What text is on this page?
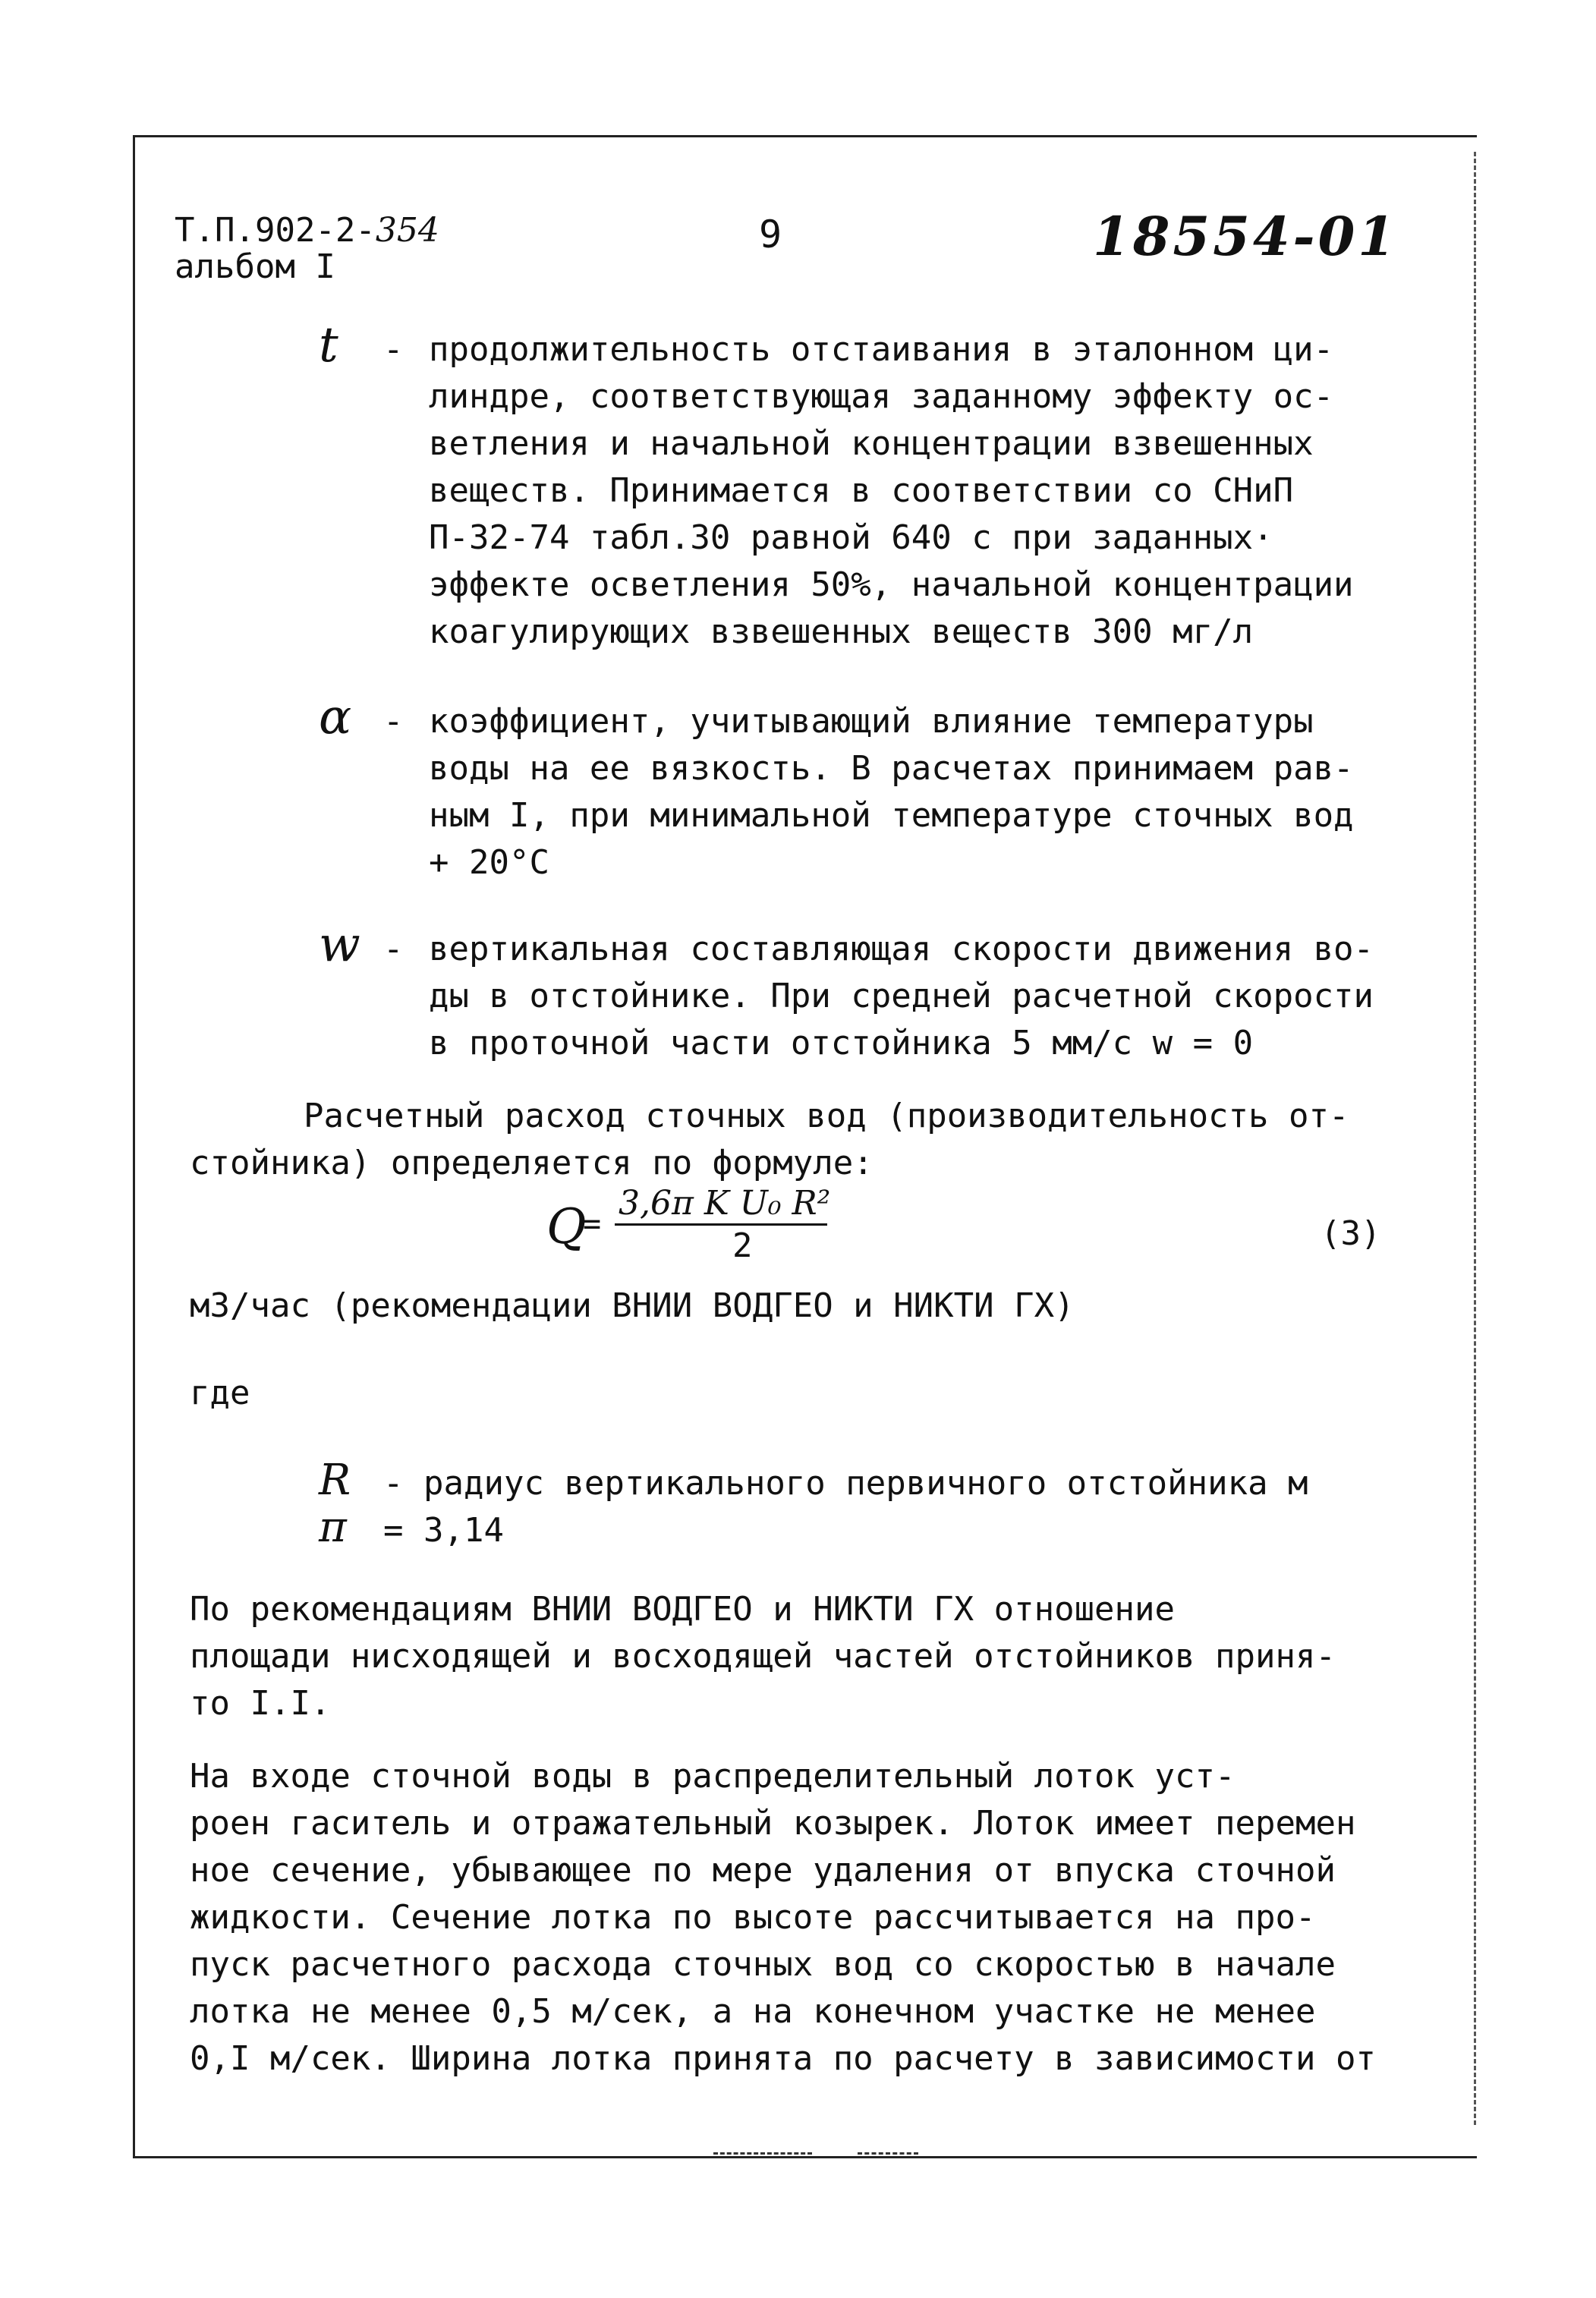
Т.П.902-2-354
альбом I
9	18554-01
t	- продолжительность отстаивания в эталонном ци-
линдре, соответствующая заданному эффекту ос-
ветления и начальной концентрации взвешенных
веществ. Принимается в соответствии со СНиП
П-32-74 табл.30 равной 640 с при заданных·
эффекте осветления 50%, начальной концентрации
коагулирующих взвешенных веществ 300 мг/л
α - коэффициент, учитывающий влияние температуры
воды на ее вязкость. В расчетах принимаем рав-
ным I, при минимальной температуре сточных вод
+ 20°С
w - вертикальная составляющая скорости движения во-
ды в отстойнике. При средней расчетной скорости
в проточной части отстойника 5 мм/с w = 0
Расчетный расход сточных вод (производительность от-
стойника) определяется по формуле:
Q
=
3,6π K U₀ R²
2	(3)
м3/час (рекомендации ВНИИ ВОДГЕО и НИКТИ ГХ)
где
R - радиус вертикального первичного отстойника м
π = 3,14
По рекомендациям ВНИИ ВОДГЕО и НИКТИ ГХ отношение
площади нисходящей и восходящей частей отстойников приня-
то I.I.
На входе сточной воды в распределительный лоток уст-
роен гаситель и отражательный козырек. Лоток имеет перемен
ное сечение, убывающее по мере удаления от впуска сточной
жидкости. Сечение лотка по высоте рассчитывается на про-
пуск расчетного расхода сточных вод со скоростью в начале
лотка не менее 0,5 м/сек, а на конечном участке не менее
0,I м/сек. Ширина лотка принята по расчету в зависимости от
